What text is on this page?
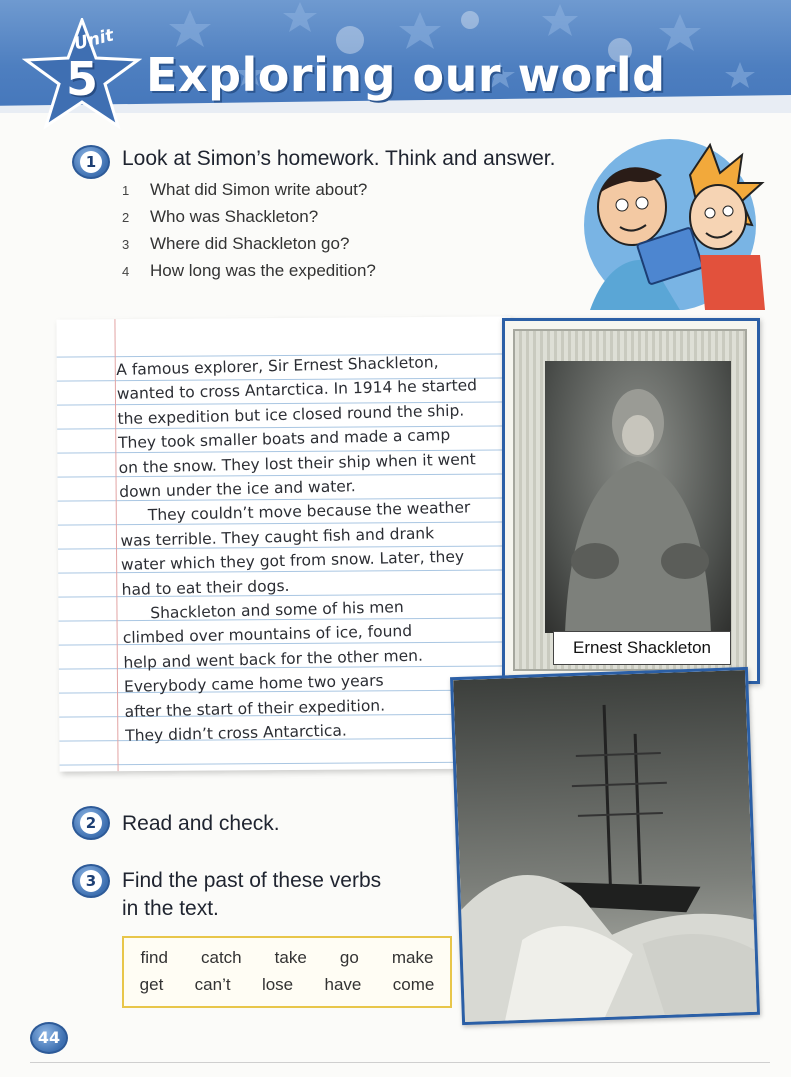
Unit
5 Exploring our world
1	Look at Simon’s homework. Think and answer.
1 What did Simon write about?
2 Who was Shackleton?
3 Where did Shackleton go?
4 How long was the expedition?

A famous explorer, Sir Ernest Shackleton,

wanted to cross Antarctica. In 1914 he started

the expedition but ice closed round the ship.

They took smaller boats and made a camp

on the snow. They lost their ship when it went

down under the ice and water.

They couldn’t move because the weather

was terrible. They caught fish and drank

water which they got from snow. Later, they

had to eat their dogs.

Shackleton and some of his men

climbed over mountains of ice, found

help and went back for the other men.

Everybody came home two years

after the start of their expedition.

They didn’t cross Antarctica.

Ernest Shackleton
2	Read and check.
3	Find the past of these verbs
in the text.
find catch take go make
get can’t lose have come
44
